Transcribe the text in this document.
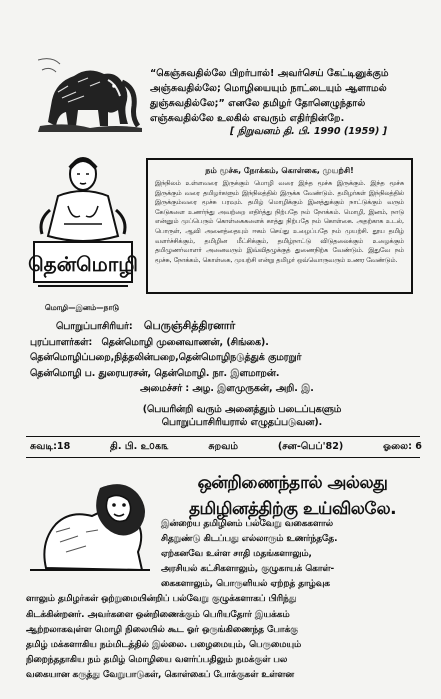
“கெஞ்சுவதில்லே பிறர்பால்! அவர்செய் கேட்டினுக்கும்
அஞ்சுவதில்லே; மொழியையும் நாட்டையும் ஆளாமல்
துஞ்சுவதில்லே;” எனலே தமிழர் தோனெழுந்தால்
எஞ்சுவதில்லே உலகில் எவரும் எதிர்நின்றே.
[ நிறுவனம் தி. பி. 1990 (1959) ]
தென்மொழி
மொழி—இனம்—நாடு
நம் மூச்சு, நோக்கம், கொள்கை, முயற்சி!
இந்நிலம் உள்ளவரை இருக்கும் மொழி வரை இந்த மூச்சு இருக்கும். இந்த மூச்சு இருக்கும் வரை தமிழர்களும் இந்நிலத்தில் இருக்க வேண்டும். தமிழர்கள் இந்நிலத்தில் இருக்கும்வரை மூச்சு பரவும். தமிழ் மொழிக்கும் இனத்துக்கும் நாட்டுக்கும் வரும் கேடுகளை உணர்ந்து அவற்றை எதிர்த்து நிற்பதே நம் நோக்கம். மொழி, இனம், நாடு என்னும் முப்பெரும் கொள்கைகளைக் காத்து நிற்பதே நம் கொள்கை. அதற்காக உடல், பொருள், ஆவி அனைத்தையும் ஈகம் செய்து உழைப்பதே நம் முயற்சி. தூய தமிழ் வளர்ச்சிக்கும், தமிழின மீட்சிக்கும், தமிழ்நாட்டு விடுதலைக்கும் உழைக்கும் தமிழுணர்வாளர் அனைவரும் இவ்விதழுக்குத் துணைநிற்க வேண்டும். இதுவே நம் மூச்சு, நோக்கம், கொள்கை, முயற்சி என்று தமிழர் ஒவ்வொருவரும் உணர வேண்டும்.
பொறுப்பாசிரியர்: பெருஞ்சித்திரனார்
புரப்பாளர்கள்: தென்மொழி முனைவாணன், (சிங்கை).
தென்மொழிப்பறை,நித்தலின்பறை,தென்மொழிநடுத்துக் குமரறுர்
தென்மொழி ப. துரையரசன், தென்மொழி. நா. இளமாறன்.
அமைச்சர் : அழ. இளமுருகன், அறி. இ.
(பெயரின்றி வரும் அனைத்தும் படைப்புகளும்
பொறுப்பாசிரியரால் எழுதப்படுவன).
சுவடி:18	தி. பி. உ௦௧௩	சுறவம்	(சன-பெப்'82)	ஓலை: 6
ஒன்றிணைந்தால் அல்லது
தமிழினத்திற்கு உய்விலலே.
இன்றைய தமிழினம் பல்வேறு வகைகளால்
சிதறுண்டு கிடப்பது எல்லாரும் உணர்ந்ததே.
ஏற்கனவே உள்ள சாதி மதங்களாலும்,
அரசியல் கட்சிகளாலும், குழுகாயக் கொள்-
கைகளாலும், பொருளியல் ஏற்றத் தாழ்வுக
ளாலும் தமிழர்கள் ஒற்றுமையின்றிப் பல்வேறு குழுக்களாகப் பிரிந்து
கிடக்கின்றனர். அவர்களை ஒன்றிணைக்கும் பெரியதோர் இயக்கம்
ஆற்றலாகவுள்ள மொழி நிலையில் கூட ஓர் ஒருங்கிணைந்த போக்கு
தமிழ் மக்களாகிய நம்மிடத்தில் இல்லை. பழைமையும், பெருமையும்
நிறைந்ததாகிய நம் தமிழ் மொழியை வளர்ப்பதிலும் நமக்குள் பல
வகையான கருத்து வேறுபாடுகள், கொள்கைப் போக்குகள் உள்ளன
